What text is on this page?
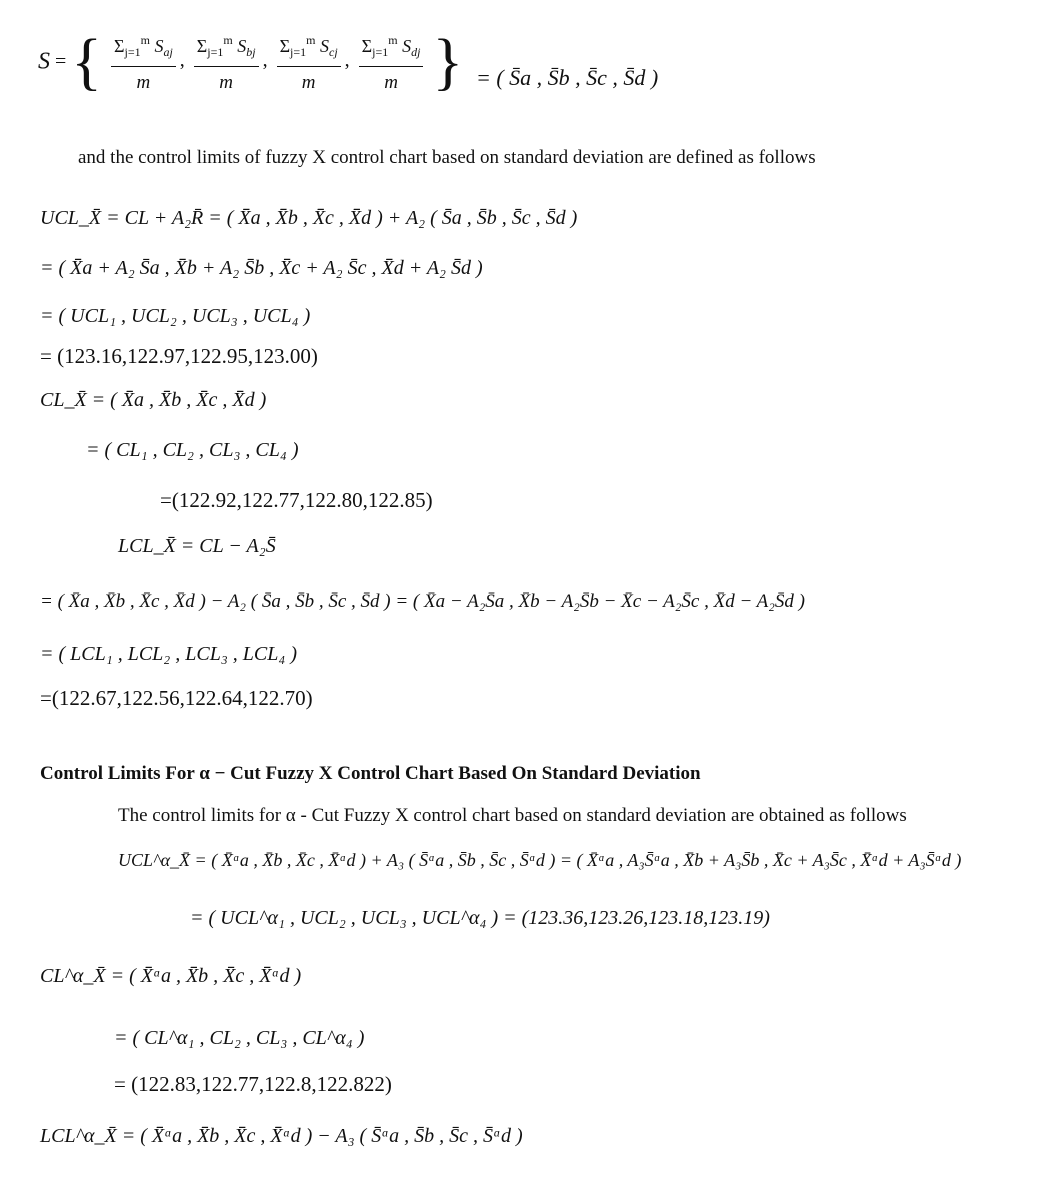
S = { $\frac{\Sigma_{j=1}^m S_{aj}}{m}$ , $\frac{\Sigma_{j=1}^m S_{bj}}{m}$ , $\frac{\Sigma_{j=1}^m S_{cj}}{m}$ , $\frac{\Sigma_{j=1}^m S_{dj}}{m}$ } = ( S̄a , S̄b , S̄c , S̄d )
and the control limits of fuzzy X control chart based on standard deviation are defined as follows
UCL_X̄ = CL + A₂R̄ = ( X̄̄a , X̄̄b , X̄̄c , X̄̄d ) + A₂ ( S̄a , S̄b , S̄c , S̄d )
= ( X̄̄a + A₂ S̄a , X̄̄b + A₂ S̄b , X̄̄c + A₂ S̄c , X̄̄d + A₂ S̄d )
= ( UCL₁ , UCL₂ , UCL₃ , UCL₄ )
= (123.16,122.97,122.95,123.00)
CL_X̄ = ( X̄̄a , X̄̄b , X̄̄c , X̄̄d )
= ( CL₁ , CL₂ , CL₃ , CL₄ )
=(122.92,122.77,122.80,122.85)
LCL_X̄ = CL − A₂S̄
= ( X̄̄a , X̄̄b , X̄̄c , X̄̄d ) − A₂ ( S̄a , S̄b , S̄c , S̄d ) = ( X̄̄a − A₂S̄a , X̄̄b − A₂S̄b − X̄̄c − A₂S̄c , X̄̄d − A₂S̄d )
= ( LCL₁ , LCL₂ , LCL₃ , LCL₄ )
=(122.67,122.56,122.64,122.70)
Control Limits For α − Cut Fuzzy X Control Chart Based On Standard Deviation
The control limits for α - Cut Fuzzy X control chart based on standard deviation are obtained as follows
UCL^α_X̄ = ( X̄̄ᵅa , X̄̄b , X̄̄c , X̄̄ᵅd ) + A₃ ( S̄ᵅa , S̄b , S̄c , S̄ᵅd ) = ( X̄̄ᵅa , A₃S̄ᵅa , X̄̄b + A₃S̄b , X̄̄c + A₃S̄c , X̄̄ᵅd + A₃S̄ᵅd )
= ( UCL^α₁ , UCL₂ , UCL₃ , UCL^α₄ ) = (123.36,123.26,123.18,123.19)
CL^α_X̄ = ( X̄̄ᵅa , X̄̄b , X̄̄c , X̄̄ᵅd )
= ( CL^α₁ , CL₂ , CL₃ , CL^α₄ )
= (122.83,122.77,122.8,122.822)
LCL^α_X̄ = ( X̄̄ᵅa , X̄̄b , X̄̄c , X̄̄ᵅd ) − A₃ ( S̄ᵅa , S̄b , S̄c , S̄ᵅd )
